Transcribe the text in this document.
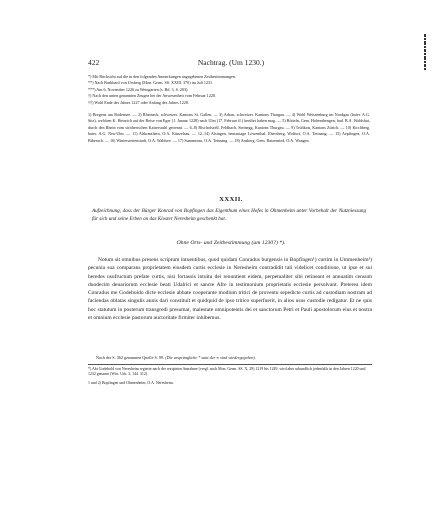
422	Nachtrag. (Um 1230.)
*) Mit Rücksicht auf die in den folgenden Anmerkungen angegebenen Zeitbestimmungen.
**) Nach Burkhard von Ursberg (Mon. Germ. SS. XXIII. 370) im Juli 1231.
***) Am 6. November 1226 zu Weingarten (s. Bd. 3, S. 203).
†) Nach den unten genannten Zeugen bei der Anwesenheit vom Februar 1228.
††) Wohl Ende des Jahres 1227 oder Anfang des Jahres 1228.
1) Bregenz am Bodensee. — 2) Rheineck, schweizer. Kantons St. Gallen. — 3) Arbon, schweizer. Kantons Thurgau. — 4) Wohl Weissenburg im Nordgau (baier. A.G. Sitz), welchen K. Heinrich auf der Reise von Eger (1. Januar 1228) nach Ulm (17. Februar ff.) berührt haben mag. — 5) Rötteln, Gem. Hohenthengen, bad. B.A. Waldshut, durch den Rhein vom stritherischen Kaiserstuhl getrennt. — 6–8) Bischofszell, Feldbach, Steinegg, Kantons Thurgau. — 9) Trülikon, Kantons Zürich. — 10) Kirchberg, baier. A.G. Neu-Ulm. — 11) Altkrauthein, O.A. Künzelsau. — 12–14) Alsingen, heutzutage Löwenthal, Ebersberg, Wolfurt, O.A. Tettnang. — 15) Aepfingen, O.A. Biberach. — 16) Winterstettenstadt, O.A. Waldsee. — 17) Summerau, O.A. Tettnang. — 18) Ansberg, Gem. Ratzenried, O.A. Wangen.
XXXII.
Aufzeichnung, dass der Bürger Konrad von Bopfingen das Eigenthum eines Hofes in Ohmenheim unter Vorbehalt der Nutzniessung für sich und seine Erben an das Kloster Neresheim geschenkt hat.
Ohne Orts- und Zeitbestimmung (um 1230?) *).

Notum sit omnibus presens scriptum intuentibus, quod quidam Conradus burgensis in Bopfingen¹) curtim in Ummenheim²) pecunia sua comparans proprietatem eiusdem curtis ecclesie in Neresheim contradidit tali videlicet conditione, ut ipse et sui heredes usufructum prefate curtis, nisi fortassis intuitu dei renuntient eidem, perpetualiter sibi retineant et annuatim censum duodecim denariorum ecclesie beati Udalrici et sancte Afre in testimonium proprietatis ecclesie persolvant. Preterea idem Conradus me Godeboldo dicte ecclesie abbate cooperante modium tritici de proventu sepedicte curtis ad custodiam nostram ad faciendas oblatas singulis annis dari constituit et quidquid de ipso tritico superfuerit, in alios usus custodie redigatur. Et ne quis hoc statutum in posterum transgredi presumat, maiestate omnipotentis dei et sanctorum Petri et Pauli apostolorum eius et nostra et omnium ecclesie pastorum auctoritate firmiter inhibemus.

Nach der S. 362 genannten Quelle S. 99. (Die ursprüngliche * statt der ∞ sind wiedergegeben).
*) Abt Godebold von Neresheim regierte nach der rezipirten Annahme (vergl. auch Mon. Germ. SS. X, 29) 1219 bis 1249, wird aber urkundlich jedenfalls in den Jahren 1220 und 1232 genannt (Wirt. Urk. 3, 144. 312).
1 und 2) Bopfingen und Ohmenheim, O.A. Neresheim.
